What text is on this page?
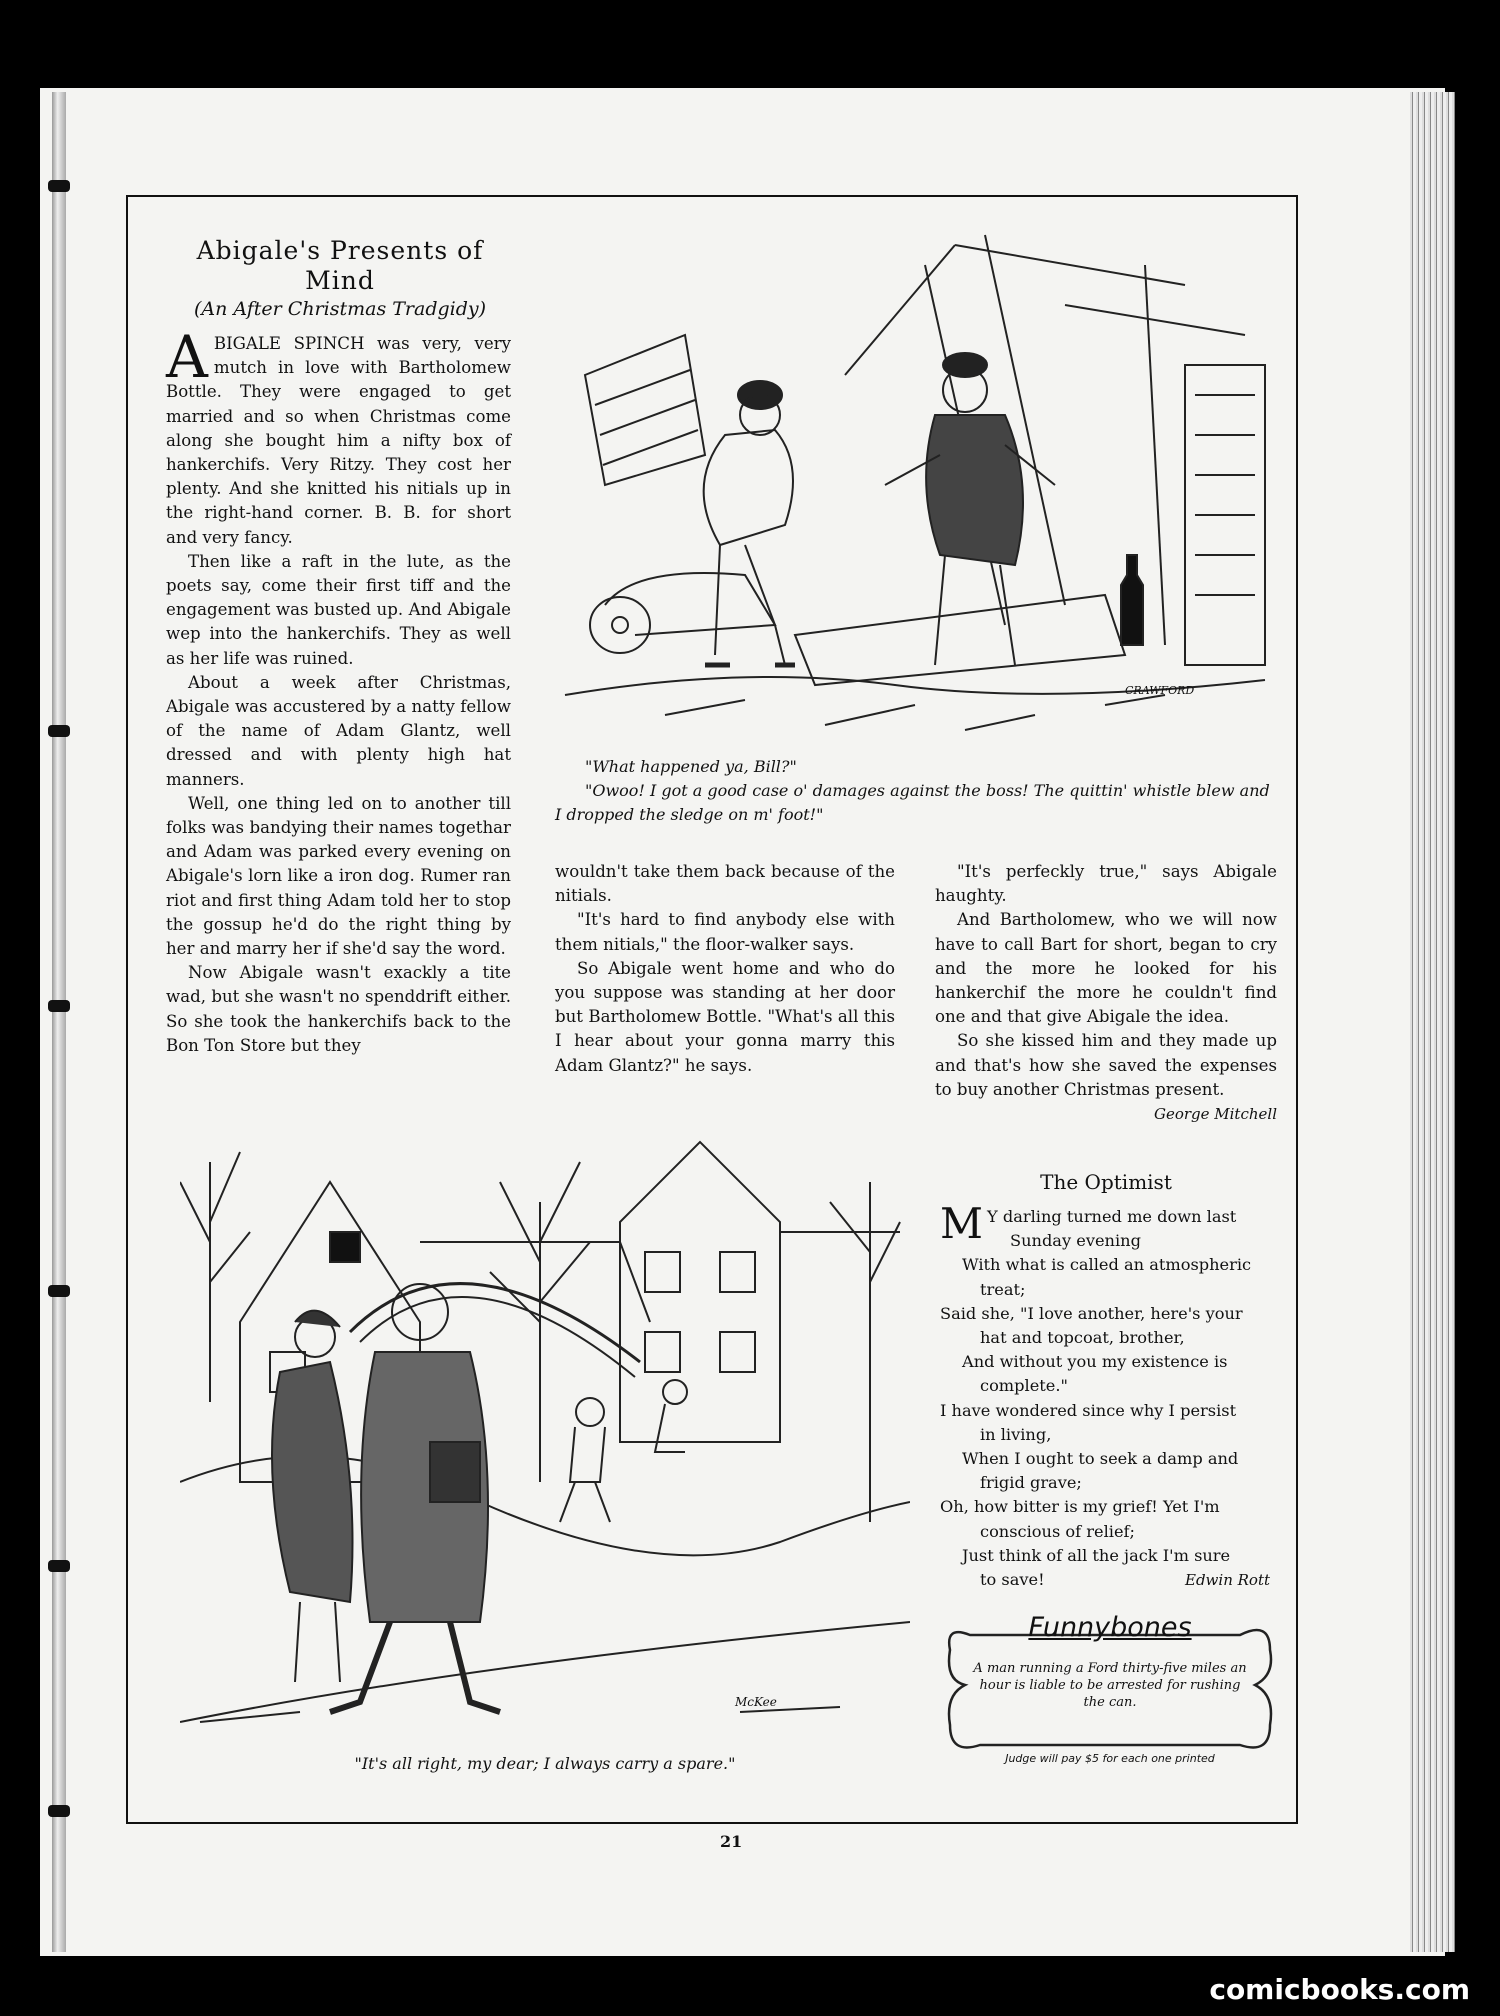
Abigale's Presents of
Mind
(An After Christmas Tradgidy)

ABIGALE SPINCH was very, very mutch in love with Bartholomew Bottle. They were engaged to get married and so when Christmas come along she bought him a nifty box of hankerchifs. Very Ritzy. They cost her plenty. And she knitted his nitials up in the right-hand corner. B. B. for short and very fancy.

Then like a raft in the lute, as the poets say, come their first tiff and the engagement was busted up. And Abigale wep into the hankerchifs. They as well as her life was ruined.

About a week after Christmas, Abigale was accustered by a natty fellow of the name of Adam Glantz, well dressed and with plenty high hat manners.

Well, one thing led on to another till folks was bandying their names togethar and Adam was parked every evening on Abigale's lorn like a iron dog. Rumer ran riot and first thing Adam told her to stop the gossup he'd do the right thing by her and marry her if she'd say the word.

Now Abigale wasn't exackly a tite wad, but she wasn't no spenddrift either. So she took the hankerchifs back to the Bon Ton Store but they

CRAWFORD
"What happened ya, Bill?"
"Owoo! I got a good case o' damages against the boss! The quittin' whistle blew and I dropped the sledge on m' foot!"

wouldn't take them back because of the nitials.

"It's hard to find anybody else with them nitials," the floor-walker says.

So Abigale went home and who do you suppose was standing at her door but Bartholomew Bottle. "What's all this I hear about your gonna marry this Adam Glantz?" he says.

"It's perfeckly true," says Abigale haughty.

And Bartholomew, who we will now have to call Bart for short, began to cry and the more he looked for his hankerchif the more he couldn't find one and that give Abigale the idea.

So she kissed him and they made up and that's how she saved the expenses to buy another Christmas present.
George Mitchell

McKee
"It's all right, my dear; I always carry a spare."
The Optimist
M Y darling turned me down last
Sunday evening
With what is called an atmospheric
treat;
Said she, "I love another, here's your
hat and topcoat, brother,
And without you my existence is
complete."
I have wondered since why I persist
in living,
When I ought to seek a damp and
frigid grave;
Oh, how bitter is my grief! Yet I'm
conscious of relief;
Just think of all the jack I'm sure
to save!	Edwin Rott
Funnybones
A man running a Ford thirty-five miles an hour is liable to be arrested for rushing the can.
Judge will pay $5 for each one printed
21
comicbooks.com
